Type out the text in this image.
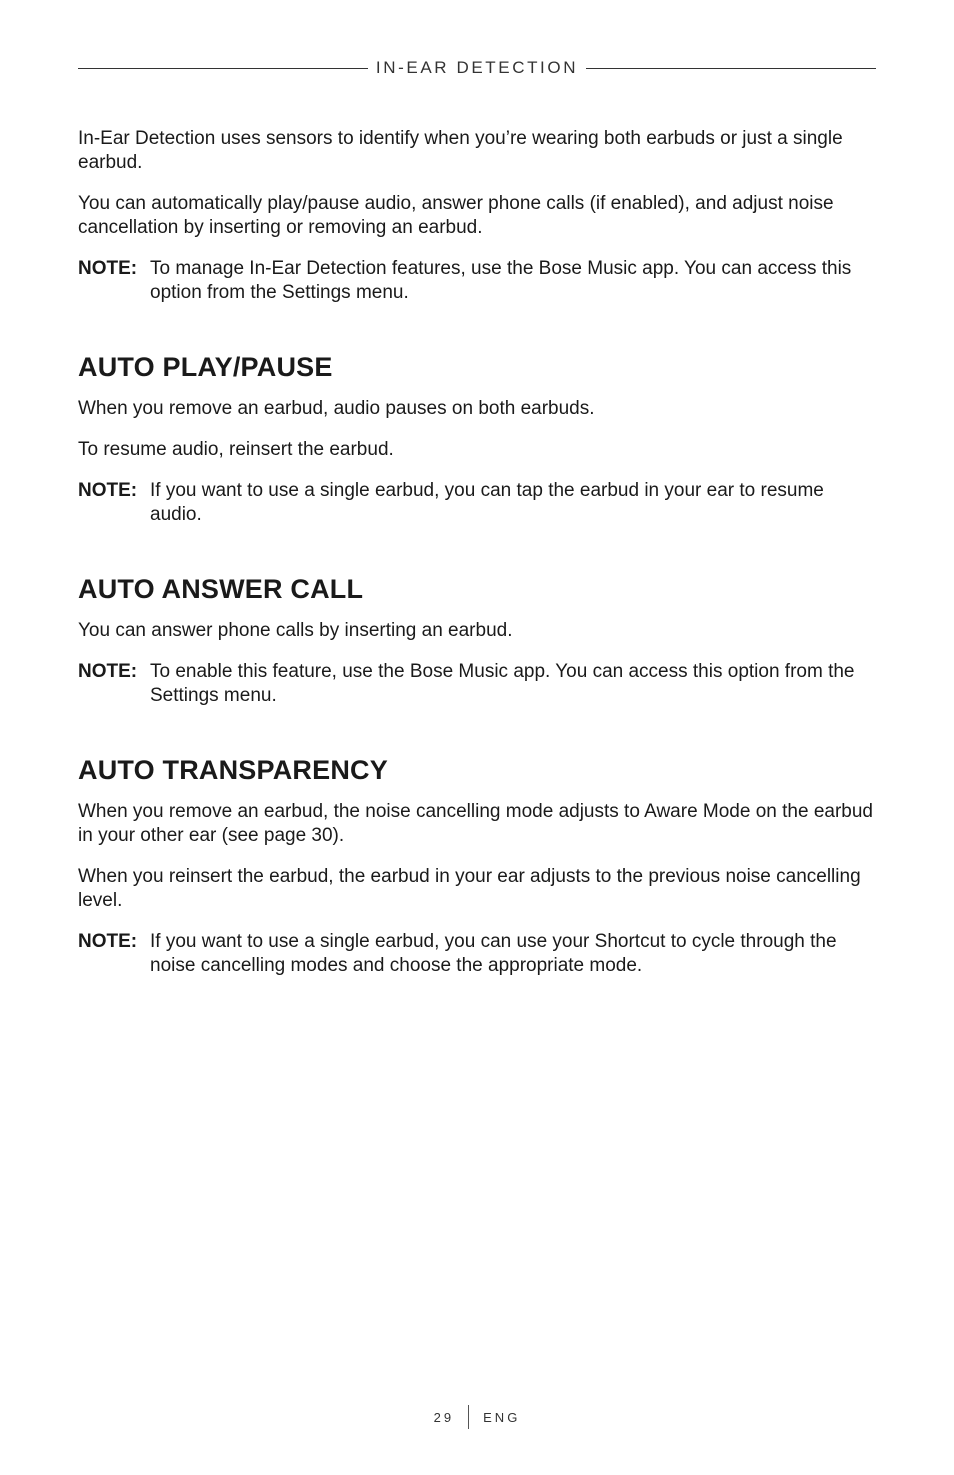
IN-EAR DETECTION

In-Ear Detection uses sensors to identify when you’re wearing both earbuds or just a single earbud.

You can automatically play/pause audio, answer phone calls (if enabled), and adjust noise cancellation by inserting or removing an earbud.

NOTE: To manage In-Ear Detection features, use the Bose Music app. You can access this option from the Settings menu.
AUTO PLAY/PAUSE

When you remove an earbud, audio pauses on both earbuds.

To resume audio, reinsert the earbud.

NOTE: If you want to use a single earbud, you can tap the earbud in your ear to resume audio.
AUTO ANSWER CALL

You can answer phone calls by inserting an earbud.

NOTE: To enable this feature, use the Bose Music app. You can access this option from the Settings menu.
AUTO TRANSPARENCY

When you remove an earbud, the noise cancelling mode adjusts to Aware Mode on the earbud in your other ear (see page 30).

When you reinsert the earbud, the earbud in your ear adjusts to the previous noise cancelling level.

NOTE: If you want to use a single earbud, you can use your Shortcut to cycle through the noise cancelling modes and choose the appropriate mode.
29 ENG
